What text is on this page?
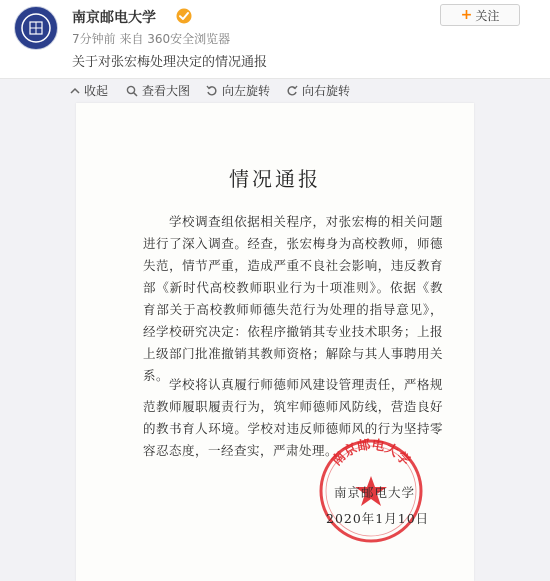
南京邮电大学
7分钟前 来自 360安全浏览器
+ 关注
关于对张宏梅处理决定的情况通报
收起	查看大图	向左旋转	向右旋转
情况通报
学校调查组依据相关程序，对张宏梅的相关问题进行了深入调查。经查，张宏梅身为高校教师，师德失范，情节严重，造成严重不良社会影响，违反教育部《新时代高校教师职业行为十项准则》。依据《教育部关于高校教师师德失范行为处理的指导意见》，经学校研究决定：依程序撤销其专业技术职务；上报上级部门批准撤销其教师资格；解除与其人事聘用关系。
学校将认真履行师德师风建设管理责任，严格规范教师履职履责行为，筑牢师德师风防线，营造良好的教书育人环境。学校对违反师德师风的行为坚持零容忍态度，一经查实，严肃处理。
南京邮电大学
南京邮电大学
2020年1月10日
